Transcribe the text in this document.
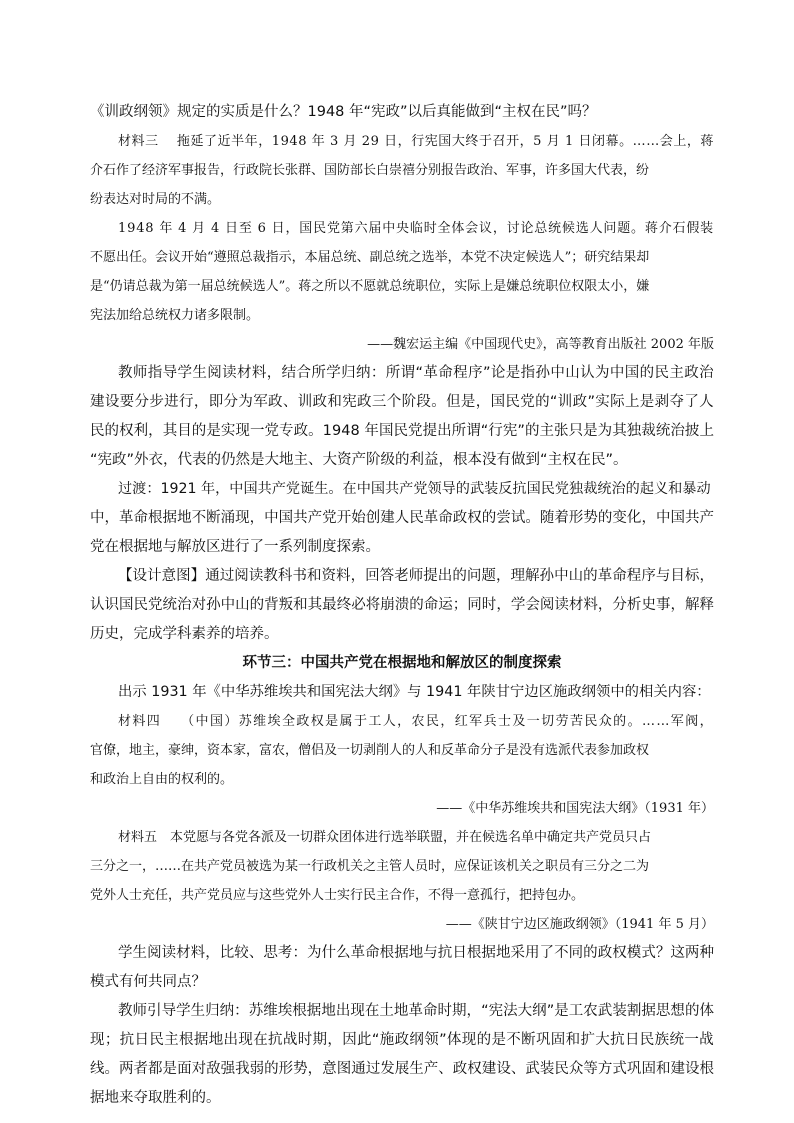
《训政纲领》规定的实质是什么？1948 年“宪政”以后真能做到“主权在民”吗？

材料三　 拖延了近半年，1948 年 3 月 29 日，行宪国大终于召开，5 月 1 日闭幕。……会上，蒋

介石作了经济军事报告，行政院长张群、国防部长白崇禧分别报告政治、军事，许多国大代表，纷

纷表达对时局的不满。

1948 年 4 月 4 日至 6 日，国民党第六届中央临时全体会议，讨论总统候选人问题。蒋介石假装

不愿出任。会议开始“遵照总裁指示，本届总统、副总统之选举，本党不决定候选人”；研究结果却

是“仍请总裁为第一届总统候选人”。蒋之所以不愿就总统职位，实际上是嫌总统职位权限太小，嫌

宪法加给总统权力诸多限制。

——魏宏运主编《中国现代史》，高等教育出版社 2002 年版

教师指导学生阅读材料，结合所学归纳：所谓“革命程序”论是指孙中山认为中国的民主政治

建设要分步进行，即分为军政、训政和宪政三个阶段。但是，国民党的“训政”实际上是剥夺了人

民的权利，其目的是实现一党专政。1948 年国民党提出所谓“行宪”的主张只是为其独裁统治披上

“宪政”外衣，代表的仍然是大地主、大资产阶级的利益，根本没有做到“主权在民”。

过渡：1921 年，中国共产党诞生。在中国共产党领导的武装反抗国民党独裁统治的起义和暴动

中，革命根据地不断涌现，中国共产党开始创建人民革命政权的尝试。随着形势的变化，中国共产

党在根据地与解放区进行了一系列制度探索。

【设计意图】通过阅读教科书和资料，回答老师提出的问题，理解孙中山的革命程序与目标，

认识国民党统治对孙中山的背叛和其最终必将崩溃的命运；同时，学会阅读材料，分析史事，解释

历史，完成学科素养的培养。

环节三：中国共产党在根据地和解放区的制度探索

出示 1931 年《中华苏维埃共和国宪法大纲》与 1941 年陕甘宁边区施政纲领中的相关内容：

材料四　 （中国）苏维埃全政权是属于工人，农民，红军兵士及一切劳苦民众的。……军阀，

官僚，地主，豪绅，资本家，富农，僧侣及一切剥削人的人和反革命分子是没有选派代表参加政权

和政治上自由的权利的。

——《中华苏维埃共和国宪法大纲》（1931 年）

材料五　本党愿与各党各派及一切群众团体进行选举联盟，并在候选名单中确定共产党员只占

三分之一，……在共产党员被选为某一行政机关之主管人员时，应保证该机关之职员有三分之二为

党外人士充任，共产党员应与这些党外人士实行民主合作，不得一意孤行，把持包办。

——《陕甘宁边区施政纲领》（1941 年 5 月）

学生阅读材料，比较、思考：为什么革命根据地与抗日根据地采用了不同的政权模式？这两种

模式有何共同点？

教师引导学生归纳：苏维埃根据地出现在土地革命时期，“宪法大纲”是工农武装割据思想的体

现；抗日民主根据地出现在抗战时期，因此“施政纲领”体现的是不断巩固和扩大抗日民族统一战

线。两者都是面对敌强我弱的形势，意图通过发展生产、政权建设、武装民众等方式巩固和建设根

据地来夺取胜利的。
